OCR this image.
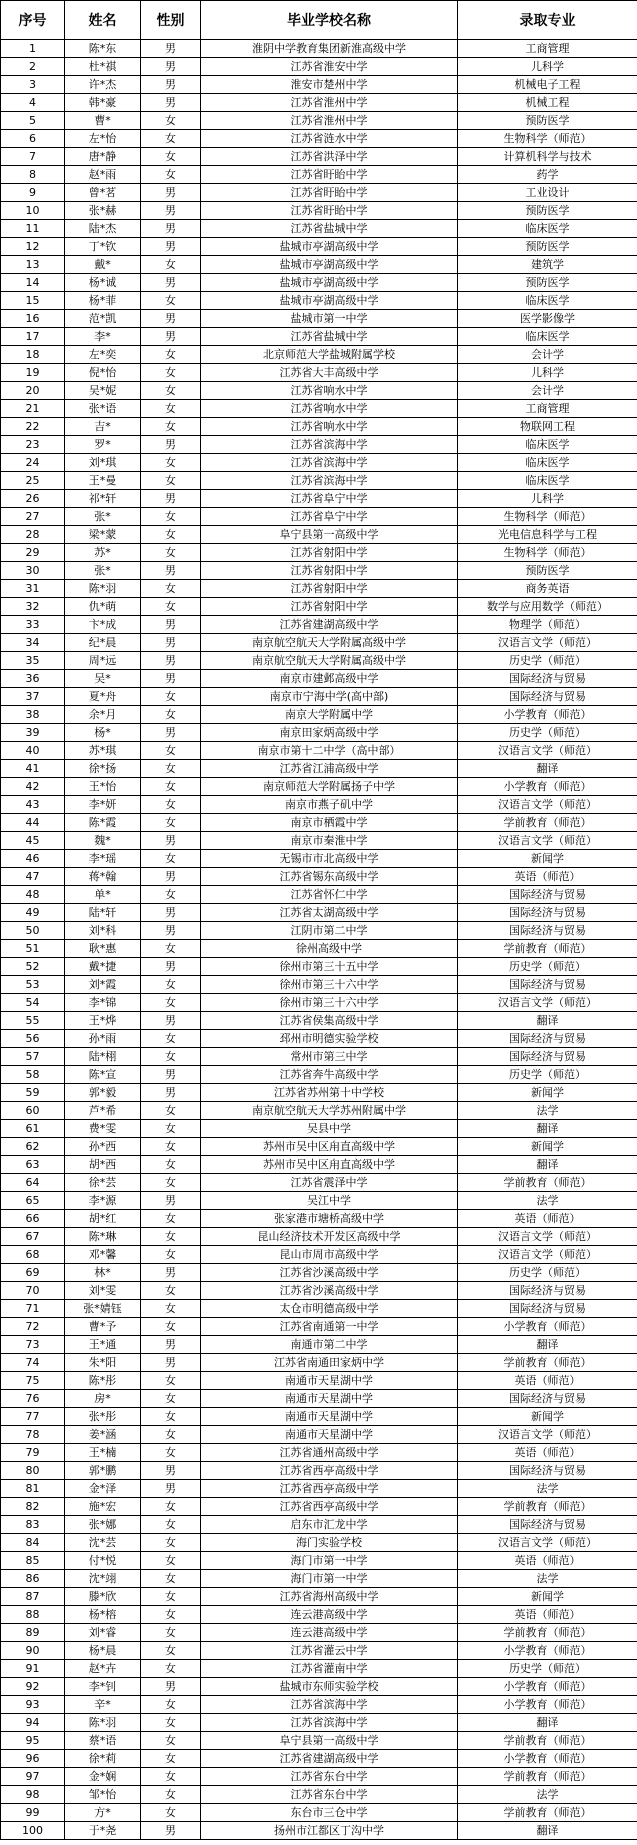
序号	姓名	性别	毕业学校名称	录取专业
1	陈*东	男	淮阴中学教育集团新淮高级中学	工商管理
2	杜*祺	男	江苏省淮安中学	儿科学
3	许*杰	男	淮安市楚州中学	机械电子工程
4	韩*豪	男	江苏省淮州中学	机械工程
5	曹*	女	江苏省淮州中学	预防医学
6	左*怡	女	江苏省涟水中学	生物科学（师范）
7	唐*静	女	江苏省洪泽中学	计算机科学与技术
8	赵*雨	女	江苏省盱眙中学	药学
9	曾*茗	男	江苏省盱眙中学	工业设计
10	张*赫	男	江苏省盱眙中学	预防医学
11	陆*杰	男	江苏省盐城中学	临床医学
12	丁*钦	男	盐城市亭湖高级中学	预防医学
13	戴*	女	盐城市亭湖高级中学	建筑学
14	杨*诚	男	盐城市亭湖高级中学	预防医学
15	杨*菲	女	盐城市亭湖高级中学	临床医学
16	范*凯	男	盐城市第一中学	医学影像学
17	李*	男	江苏省盐城中学	临床医学
18	左*奕	女	北京师范大学盐城附属学校	会计学
19	倪*怡	女	江苏省大丰高级中学	儿科学
20	吴*妮	女	江苏省响水中学	会计学
21	张*语	女	江苏省响水中学	工商管理
22	吉*	女	江苏省响水中学	物联网工程
23	罗*	男	江苏省滨海中学	临床医学
24	刘*琪	女	江苏省滨海中学	临床医学
25	王*曼	女	江苏省滨海中学	临床医学
26	祁*轩	男	江苏省阜宁中学	儿科学
27	张*	女	江苏省阜宁中学	生物科学（师范）
28	梁*蒙	女	阜宁县第一高级中学	光电信息科学与工程
29	苏*	女	江苏省射阳中学	生物科学（师范）
30	张*	男	江苏省射阳中学	预防医学
31	陈*羽	女	江苏省射阳中学	商务英语
32	仇*萌	女	江苏省射阳中学	数学与应用数学（师范）
33	卞*成	男	江苏省建湖高级中学	物理学（师范）
34	纪*晨	男	南京航空航天大学附属高级中学	汉语言文学（师范）
35	周*远	男	南京航空航天大学附属高级中学	历史学（师范）
36	吴*	男	南京市建邺高级中学	国际经济与贸易
37	夏*舟	女	南京市宁海中学(高中部)	国际经济与贸易
38	余*月	女	南京大学附属中学	小学教育（师范）
39	杨*	男	南京田家炳高级中学	历史学（师范）
40	苏*琪	女	南京市第十二中学（高中部）	汉语言文学（师范）
41	徐*扬	女	江苏省江浦高级中学	翻译
42	王*怡	女	南京师范大学附属扬子中学	小学教育（师范）
43	李*妍	女	南京市燕子矶中学	汉语言文学（师范）
44	陈*霞	女	南京市栖霞中学	学前教育（师范）
45	魏*	男	南京市秦淮中学	汉语言文学（师范）
46	李*瑶	女	无锡市市北高级中学	新闻学
47	蒋*翰	男	江苏省锡东高级中学	英语（师范）
48	单*	女	江苏省怀仁中学	国际经济与贸易
49	陆*轩	男	江苏省太湖高级中学	国际经济与贸易
50	刘*科	男	江阴市第二中学	国际经济与贸易
51	耿*惠	女	徐州高级中学	学前教育（师范）
52	戴*捷	男	徐州市第三十五中学	历史学（师范）
53	刘*霞	女	徐州市第三十六中学	国际经济与贸易
54	李*锦	女	徐州市第三十六中学	汉语言文学（师范）
55	王*烨	男	江苏省侯集高级中学	翻译
56	孙*雨	女	邳州市明德实验学校	国际经济与贸易
57	陆*栩	女	常州市第三中学	国际经济与贸易
58	陈*宣	男	江苏省奔牛高级中学	历史学（师范）
59	郭*毅	男	江苏省苏州第十中学校	新闻学
60	芦*希	女	南京航空航天大学苏州附属中学	法学
61	费*雯	女	吴县中学	翻译
62	孙*西	女	苏州市吴中区甪直高级中学	新闻学
63	胡*西	女	苏州市吴中区甪直高级中学	翻译
64	徐*芸	女	江苏省震泽中学	学前教育（师范）
65	李*源	男	吴江中学	法学
66	胡*红	女	张家港市塘桥高级中学	英语（师范）
67	陈*琳	女	昆山经济技术开发区高级中学	汉语言文学（师范）
68	邓*馨	女	昆山市周市高级中学	汉语言文学（师范）
69	林*	男	江苏省沙溪高级中学	历史学（师范）
70	刘*雯	女	江苏省沙溪高级中学	国际经济与贸易
71	张*婧钰	女	太仓市明德高级中学	国际经济与贸易
72	曹*予	女	江苏省南通第一中学	小学教育（师范）
73	王*通	男	南通市第二中学	翻译
74	朱*阳	男	江苏省南通田家炳中学	学前教育（师范）
75	陈*彤	女	南通市天星湖中学	英语（师范）
76	房*	女	南通市天星湖中学	国际经济与贸易
77	张*彤	女	南通市天星湖中学	新闻学
78	姜*涵	女	南通市天星湖中学	汉语言文学（师范）
79	王*楠	女	江苏省通州高级中学	英语（师范）
80	郭*鹏	男	江苏省西亭高级中学	国际经济与贸易
81	金*泽	男	江苏省西亭高级中学	法学
82	施*宏	女	江苏省西亭高级中学	学前教育（师范）
83	张*娜	女	启东市汇龙中学	国际经济与贸易
84	沈*芸	女	海门实验学校	汉语言文学（师范）
85	付*悦	女	海门市第一中学	英语（师范）
86	沈*翊	女	海门市第一中学	法学
87	滕*欣	女	江苏省海州高级中学	新闻学
88	杨*榕	女	连云港高级中学	英语（师范）
89	刘*睿	女	连云港高级中学	学前教育（师范）
90	杨*晨	女	江苏省灌云中学	小学教育（师范）
91	赵*卉	女	江苏省灌南中学	历史学（师范）
92	李*钊	男	盐城市东师实验学校	小学教育（师范）
93	辛*	女	江苏省滨海中学	小学教育（师范）
94	陈*羽	女	江苏省滨海中学	翻译
95	蔡*语	女	阜宁县第一高级中学	学前教育（师范）
96	徐*莉	女	江苏省建湖高级中学	小学教育（师范）
97	金*娴	女	江苏省东台中学	学前教育（师范）
98	邹*怡	女	江苏省东台中学	法学
99	方*	女	东台市三仓中学	学前教育（师范）
100	于*尧	男	扬州市江都区丁沟中学	翻译
